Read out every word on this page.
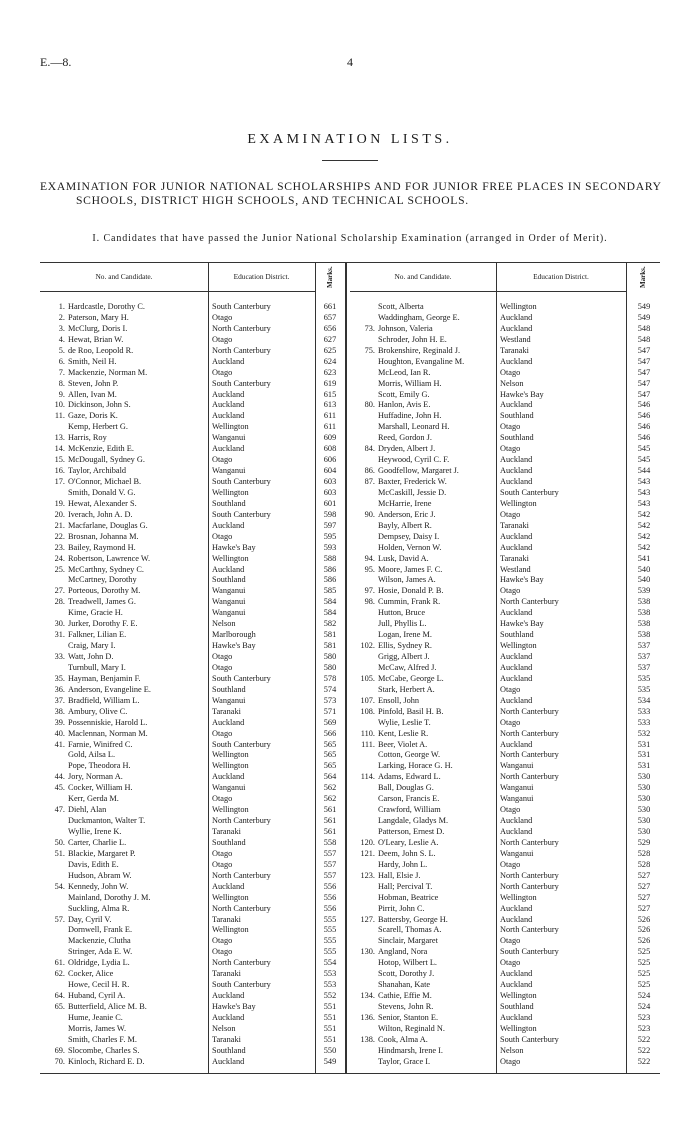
E.—8.	4
EXAMINATION LISTS.
EXAMINATION FOR JUNIOR NATIONAL SCHOLARSHIPS AND FOR JUNIOR FREE PLACES IN SECONDARY SCHOOLS, DISTRICT HIGH SCHOOLS, AND TECHNICAL SCHOOLS.
I. Candidates that have passed the Junior National Scholarship Examination (arranged in Order of Merit).
No. and Candidate.	Education District.	Marks.	No. and Candidate.	Education District.	Marks.
1. Hardcastle, Dorothy C.	South Canterbury	661
2. Paterson, Mary H.	Otago	657
3. McClurg, Doris I.	North Canterbury	656
4. Hewat, Brian W.	Otago	627
5. de Roo, Leopold R.	North Canterbury	625
6. Smith, Neil H.	Auckland	624
7. Mackenzie, Norman M.	Otago	623
8. Steven, John P.	South Canterbury	619
9. Allen, Ivan M.	Auckland	615
10. Dickinson, John S.	Auckland	613
11. Gaze, Doris K.	Auckland	611
Kemp, Herbert G.	Wellington	611
13. Harris, Roy	Wanganui	609
14. McKenzie, Edith E.	Auckland	608
15. McDougall, Sydney G.	Otago	606
16. Taylor, Archibald	Wanganui	604
17. O'Connor, Michael B.	South Canterbury	603
Smith, Donald V. G.	Wellington	603
19. Hewat, Alexander S.	Southland	601
20. Iverach, John A. D.	South Canterbury	598
21. Macfarlane, Douglas G.	Auckland	597
22. Brosnan, Johanna M.	Otago	595
23. Bailey, Raymond H.	Hawke's Bay	593
24. Robertson, Lawrence W.	Wellington	588
25. McCarthny, Sydney C.	Auckland	586
McCartney, Dorothy	Southland	586
27. Porteous, Dorothy M.	Wanganui	585
28. Treadwell, James G.	Wanganui	584
Kime, Gracie H.	Wanganui	584
30. Jurker, Dorothy F. E.	Nelson	582
31. Falkner, Lilian E.	Marlborough	581
Craig, Mary I.	Hawke's Bay	581
33. Watt, John D.	Otago	580
Turnbull, Mary I.	Otago	580
35. Hayman, Benjamin F.	South Canterbury	578
36. Anderson, Evangeline E.	Southland	574
37. Bradfield, William L.	Wanganui	573
38. Ambury, Olive C.	Taranaki	571
39. Possenniskie, Harold L.	Auckland	569
40. Maclennan, Norman M.	Otago	566
41. Farnie, Winifred C.	South Canterbury	565
Gold, Ailsa L.	Wellington	565
Pope, Theodora H.	Wellington	565
44. Jory, Norman A.	Auckland	564
45. Cocker, William H.	Wanganui	562
Kerr, Gerda M.	Otago	562
47. Diehl, Alan	Wellington	561
Duckmanton, Walter T.	North Canterbury	561
Wyllie, Irene K.	Taranaki	561
50. Carter, Charlie L.	Southland	558
51. Blackie, Margaret P.	Otago	557
Davis, Edith E.	Otago	557
Hudson, Abram W.	North Canterbury	557
54. Kennedy, John W.	Auckland	556
Mainland, Dorothy J. M.	Wellington	556
Suckling, Alma R.	North Canterbury	556
57. Day, Cyril V.	Taranaki	555
Dornwell, Frank E.	Wellington	555
Mackenzie, Clutha	Otago	555
Stringer, Ada E. W.	Otago	555
61. Oldridge, Lydia L.	North Canterbury	554
62. Cocker, Alice	Taranaki	553
Howe, Cecil H. R.	South Canterbury	553
64. Huband, Cyril A.	Auckland	552
65. Butterfield, Alice M. B.	Hawke's Bay	551
Hume, Jeanie C.	Auckland	551
Morris, James W.	Nelson	551
Smith, Charles F. M.	Taranaki	551
69. Slocombe, Charles S.	Southland	550
70. Kinloch, Richard E. D.	Auckland	549
Scott, Alberta	Wellington	549
Waddingham, George E.	Auckland	549
73. Johnson, Valeria	Auckland	548
Schroder, John H. E.	Westland	548
75. Brokenshire, Reginald J.	Taranaki	547
Houghton, Evangaline M.	Auckland	547
McLeod, Ian R.	Otago	547
Morris, William H.	Nelson	547
Scott, Emily G.	Hawke's Bay	547
80. Hanlon, Avis E.	Auckland	546
Huffadine, John H.	Southland	546
Marshall, Leonard H.	Otago	546
Reed, Gordon J.	Southland	546
84. Dryden, Albert J.	Otago	545
Heywood, Cyril C. F.	Auckland	545
86. Goodfellow, Margaret J.	Auckland	544
87. Baxter, Frederick W.	Auckland	543
McCaskill, Jessie D.	South Canterbury	543
McHarrie, Irene	Wellington	543
90. Anderson, Eric J.	Otago	542
Bayly, Albert R.	Taranaki	542
Dempsey, Daisy I.	Auckland	542
Holden, Vernon W.	Auckland	542
94. Lusk, David A.	Taranaki	541
95. Moore, James F. C.	Westland	540
Wilson, James A.	Hawke's Bay	540
97. Hosie, Donald P. B.	Otago	539
98. Cummin, Frank R.	North Canterbury	538
Hutton, Bruce	Auckland	538
Jull, Phyllis L.	Hawke's Bay	538
Logan, Irene M.	Southland	538
102. Ellis, Sydney R.	Wellington	537
Grigg, Albert J.	Auckland	537
McCaw, Alfred J.	Auckland	537
105. McCabe, George L.	Auckland	535
Stark, Herbert A.	Otago	535
107. Ensoll, John	Auckland	534
108. Pinfold, Basil H. B.	North Canterbury	533
Wylie, Leslie T.	Otago	533
110. Kent, Leslie R.	North Canterbury	532
111. Beer, Violet A.	Auckland	531
Cotton, George W.	North Canterbury	531
Larking, Horace G. H.	Wanganui	531
114. Adams, Edward L.	North Canterbury	530
Ball, Douglas G.	Wanganui	530
Carson, Francis E.	Wanganui	530
Crawford, William	Otago	530
Langdale, Gladys M.	Auckland	530
Patterson, Ernest D.	Auckland	530
120. O'Leary, Leslie A.	North Canterbury	529
121. Deem, John S. L.	Wanganui	528
Hardy, John L.	Otago	528
123. Hall, Elsie J.	North Canterbury	527
Hall; Percival T.	North Canterbury	527
Hobman, Beatrice	Wellington	527
Pirrit, John C.	Auckland	527
127. Battersby, George H.	Auckland	526
Scarell, Thomas A.	North Canterbury	526
Sinclair, Margaret	Otago	526
130. Angland, Nora	South Canterbury	525
Hotop, Wilbert L.	Otago	525
Scott, Dorothy J.	Auckland	525
Shanahan, Kate	Auckland	525
134. Cathie, Effie M.	Wellington	524
Stevens, John R.	Southland	524
136. Senior, Stanton E.	Auckland	523
Wilton, Reginald N.	Wellington	523
138. Cook, Alma A.	South Canterbury	522
Hindmarsh, Irene I.	Nelson	522
Taylor, Grace I.	Otago	522
